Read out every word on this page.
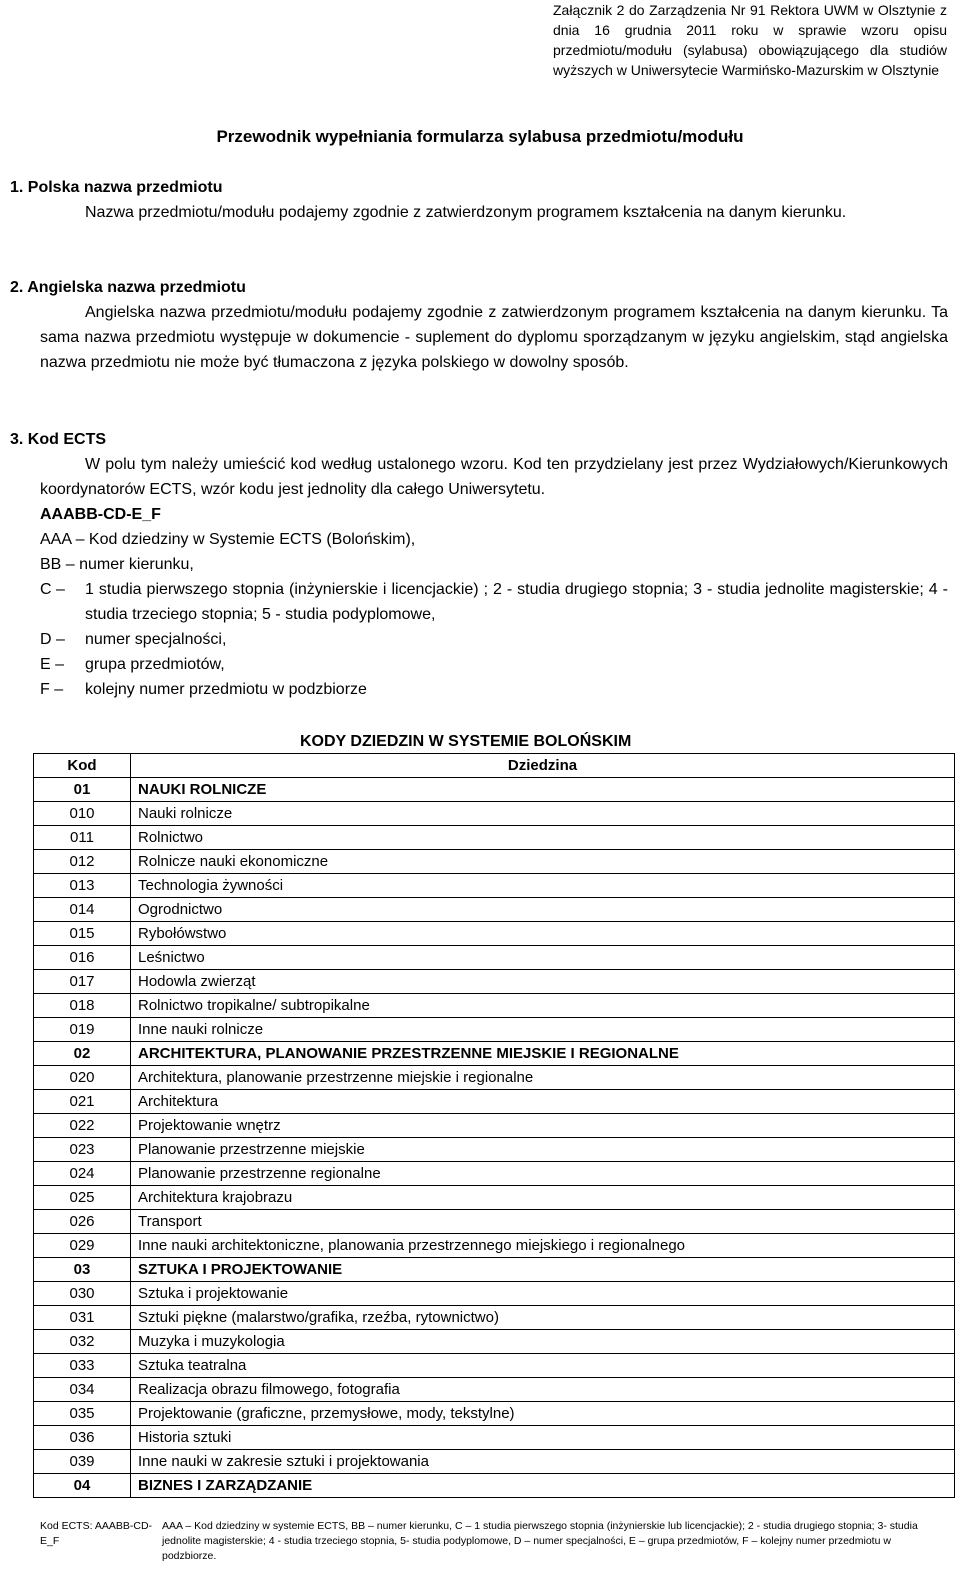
Załącznik 2 do Zarządzenia Nr 91 Rektora UWM w Olsztynie z dnia 16 grudnia 2011 roku w sprawie wzoru opisu przedmiotu/modułu (sylabusa) obowiązującego dla studiów wyższych w Uniwersytecie Warmińsko-Mazurskim w Olsztynie
Przewodnik wypełniania formularza sylabusa przedmiotu/modułu
1. Polska nazwa przedmiotu
Nazwa przedmiotu/modułu podajemy zgodnie z zatwierdzonym programem kształcenia na danym kierunku.
2. Angielska nazwa przedmiotu
Angielska nazwa przedmiotu/modułu podajemy zgodnie z zatwierdzonym programem kształcenia na danym kierunku. Ta sama nazwa przedmiotu występuje w dokumencie - suplement do dyplomu sporządzanym w języku angielskim, stąd angielska nazwa przedmiotu nie może być tłumaczona z języka polskiego w dowolny sposób.
3. Kod ECTS
W polu tym należy umieścić kod według ustalonego wzoru. Kod ten przydzielany jest przez Wydziałowych/Kierunkowych koordynatorów ECTS, wzór kodu jest jednolity dla całego Uniwersytetu.
AAABB-CD-E_F
AAA – Kod dziedziny w Systemie ECTS (Bolońskim),
BB – numer kierunku,
C – 1 studia pierwszego stopnia (inżynierskie i licencjackie) ; 2 - studia drugiego stopnia; 3 - studia jednolite magisterskie; 4 - studia trzeciego stopnia; 5 - studia podyplomowe,
D – numer specjalności,
E – grupa przedmiotów,
F – kolejny numer przedmiotu w podzbiorze
KODY DZIEDZIN W SYSTEMIE BOLOŃSKIM
Kod	Dziedzina
01	NAUKI ROLNICZE
010	Nauki rolnicze
011	Rolnictwo
012	Rolnicze nauki ekonomiczne
013	Technologia żywności
014	Ogrodnictwo
015	Rybołówstwo
016	Leśnictwo
017	Hodowla zwierząt
018	Rolnictwo tropikalne/ subtropikalne
019	Inne nauki rolnicze
02	ARCHITEKTURA, PLANOWANIE PRZESTRZENNE MIEJSKIE I REGIONALNE
020	Architektura, planowanie przestrzenne miejskie i regionalne
021	Architektura
022	Projektowanie wnętrz
023	Planowanie przestrzenne miejskie
024	Planowanie przestrzenne regionalne
025	Architektura krajobrazu
026	Transport
029	Inne nauki architektoniczne, planowania przestrzennego miejskiego i regionalnego
03	SZTUKA I PROJEKTOWANIE
030	Sztuka i projektowanie
031	Sztuki piękne (malarstwo/grafika, rzeźba, rytownictwo)
032	Muzyka i muzykologia
033	Sztuka teatralna
034	Realizacja obrazu filmowego, fotografia
035	Projektowanie (graficzne, przemysłowe, mody, tekstylne)
036	Historia sztuki
039	Inne nauki w zakresie sztuki i projektowania
04	BIZNES I ZARZĄDZANIE
Kod ECTS: AAABB-CD-E_F
AAA – Kod dziedziny w systemie ECTS, BB – numer kierunku, C – 1 studia pierwszego stopnia (inżynierskie lub licencjackie); 2 - studia drugiego stopnia; 3- studia jednolite magisterskie; 4 - studia trzeciego stopnia, 5- studia podyplomowe, D – numer specjalności, E – grupa przedmiotów, F – kolejny numer przedmiotu w podzbiorze.
